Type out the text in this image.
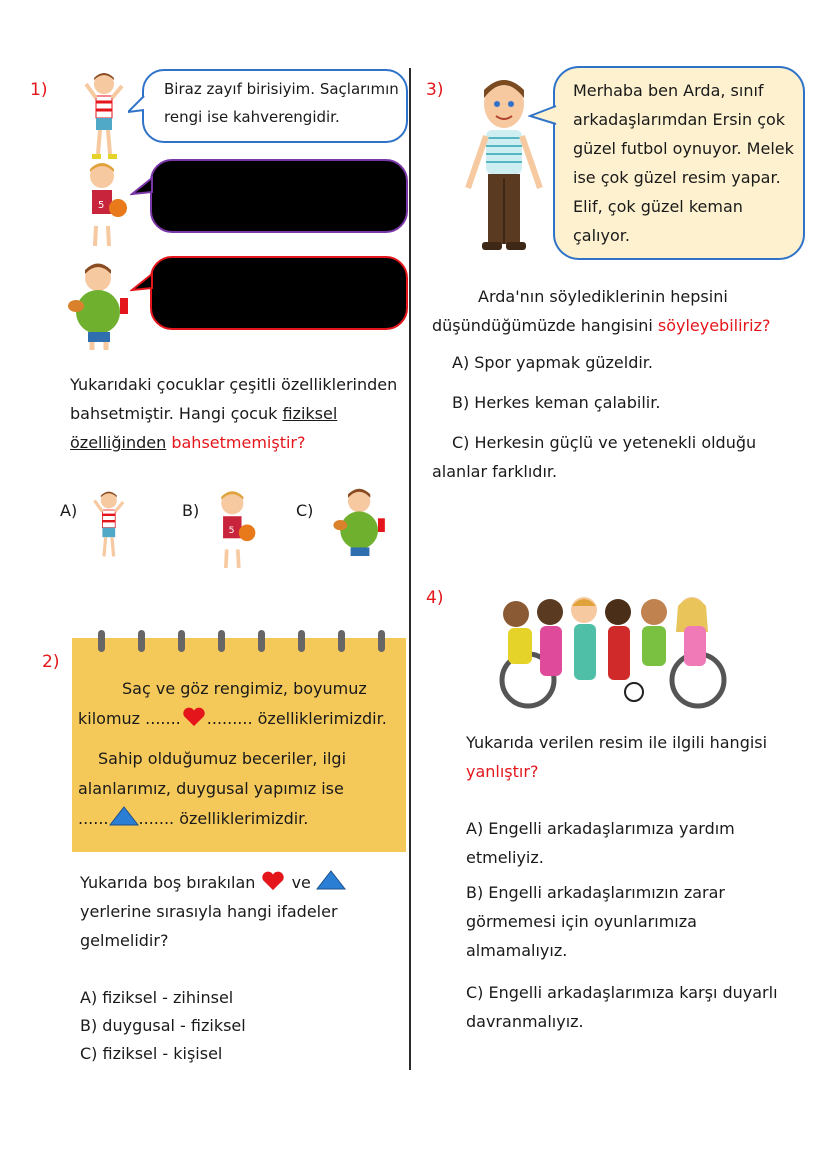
1)	Biraz zayıf birisiyim. Saçlarımın rengi ise kahverengidir.
5
Yukarıdaki çocuklar çeşitli özelliklerinden bahsetmiştir. Hangi çocuk fiziksel özelliğinden bahsetmemiştir?
A)	B)
5
C)
2)
Saç ve göz rengimiz, boyumuz
kilomuz ....... ......... özelliklerimizdir.
Sahip olduğumuz beceriler, ilgi
alanlarımız, duygusal yapımız ise
...... ....... özelliklerimizdir.
Yukarıda boş bırakılan ve  yerlerine sırasıyla hangi ifadeler gelmelidir?
A) fiziksel - zihinsel
B) duygusal - fiziksel
C) fiziksel - kişisel
3)	Merhaba ben Arda, sınıf arkadaşlarımdan Ersin çok güzel futbol oynuyor. Melek ise çok güzel resim yapar. Elif, çok güzel keman çalıyor.
Arda'nın söylediklerinin hepsini düşündüğümüzde hangisini söyleyebiliriz?
A) Spor yapmak güzeldir.
B) Herkes keman çalabilir.
C) Herkesin güçlü ve yetenekli olduğu alanlar farklıdır.
4)
Yukarıda verilen resim ile ilgili hangisi
yanlıştır?
A) Engelli arkadaşlarımıza yardım etmeliyiz.
B) Engelli arkadaşlarımızın zarar görmemesi için oyunlarımıza almamalıyız.
C) Engelli arkadaşlarımıza karşı duyarlı davranmalıyız.
